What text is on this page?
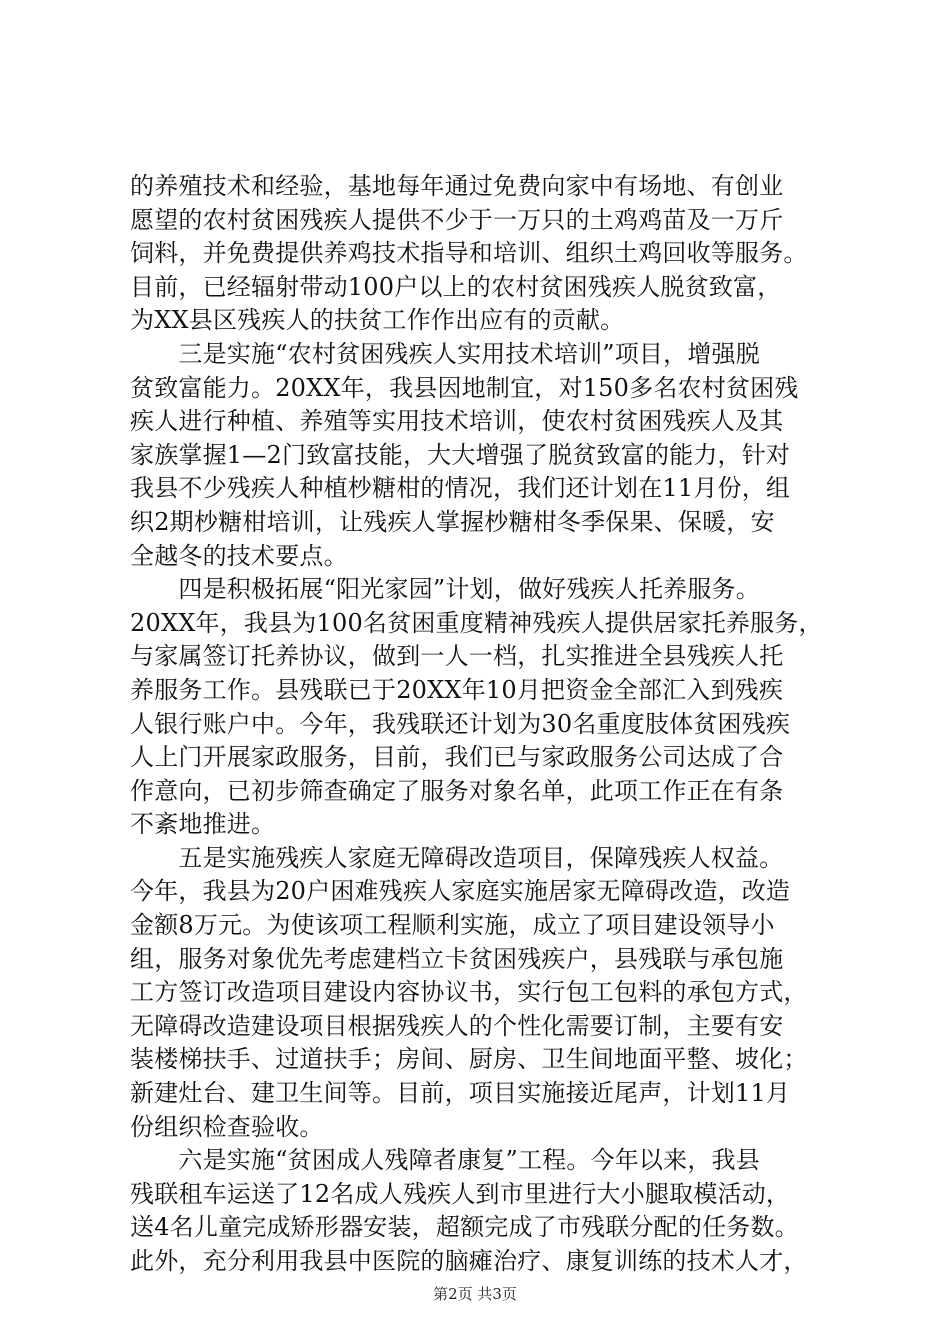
的养殖技术和经验，基地每年通过免费向家中有场地、有创业
愿望的农村贫困残疾人提供不少于一万只的土鸡鸡苗及一万斤
饲料，并免费提供养鸡技术指导和培训、组织土鸡回收等服务。
目前，已经辐射带动100户以上的农村贫困残疾人脱贫致富，
为XX县区残疾人的扶贫工作作出应有的贡献。
　　三是实施“农村贫困残疾人实用技术培训”项目，增强脱
贫致富能力。20XX年，我县因地制宜，对150多名农村贫困残
疾人进行种植、养殖等实用技术培训，使农村贫困残疾人及其
家族掌握1—2门致富技能，大大增强了脱贫致富的能力，针对
我县不少残疾人种植杪糖柑的情况，我们还计划在11月份，组
织2期杪糖柑培训，让残疾人掌握杪糖柑冬季保果、保暖，安
全越冬的技术要点。
　　四是积极拓展“阳光家园”计划，做好残疾人托养服务。
20XX年，我县为100名贫困重度精神残疾人提供居家托养服务，
与家属签订托养协议，做到一人一档，扎实推进全县残疾人托
养服务工作。县残联已于20XX年10月把资金全部汇入到残疾
人银行账户中。今年，我残联还计划为30名重度肢体贫困残疾
人上门开展家政服务，目前，我们已与家政服务公司达成了合
作意向，已初步筛查确定了服务对象名单，此项工作正在有条
不紊地推进。
　　五是实施残疾人家庭无障碍改造项目，保障残疾人权益。
今年，我县为20户困难残疾人家庭实施居家无障碍改造，改造
金额8万元。为使该项工程顺利实施，成立了项目建设领导小
组，服务对象优先考虑建档立卡贫困残疾户，县残联与承包施
工方签订改造项目建设内容协议书，实行包工包料的承包方式，
无障碍改造建设项目根据残疾人的个性化需要订制，主要有安
装楼梯扶手、过道扶手；房间、厨房、卫生间地面平整、坡化；
新建灶台、建卫生间等。目前，项目实施接近尾声，计划11月
份组织检查验收。
　　六是实施“贫困成人残障者康复”工程。今年以来，我县
残联租车运送了12名成人残疾人到市里进行大小腿取模活动，
送4名儿童完成矫形器安装，超额完成了市残联分配的任务数。
此外，充分利用我县中医院的脑瘫治疗、康复训练的技术人才，
第2页 共3页
